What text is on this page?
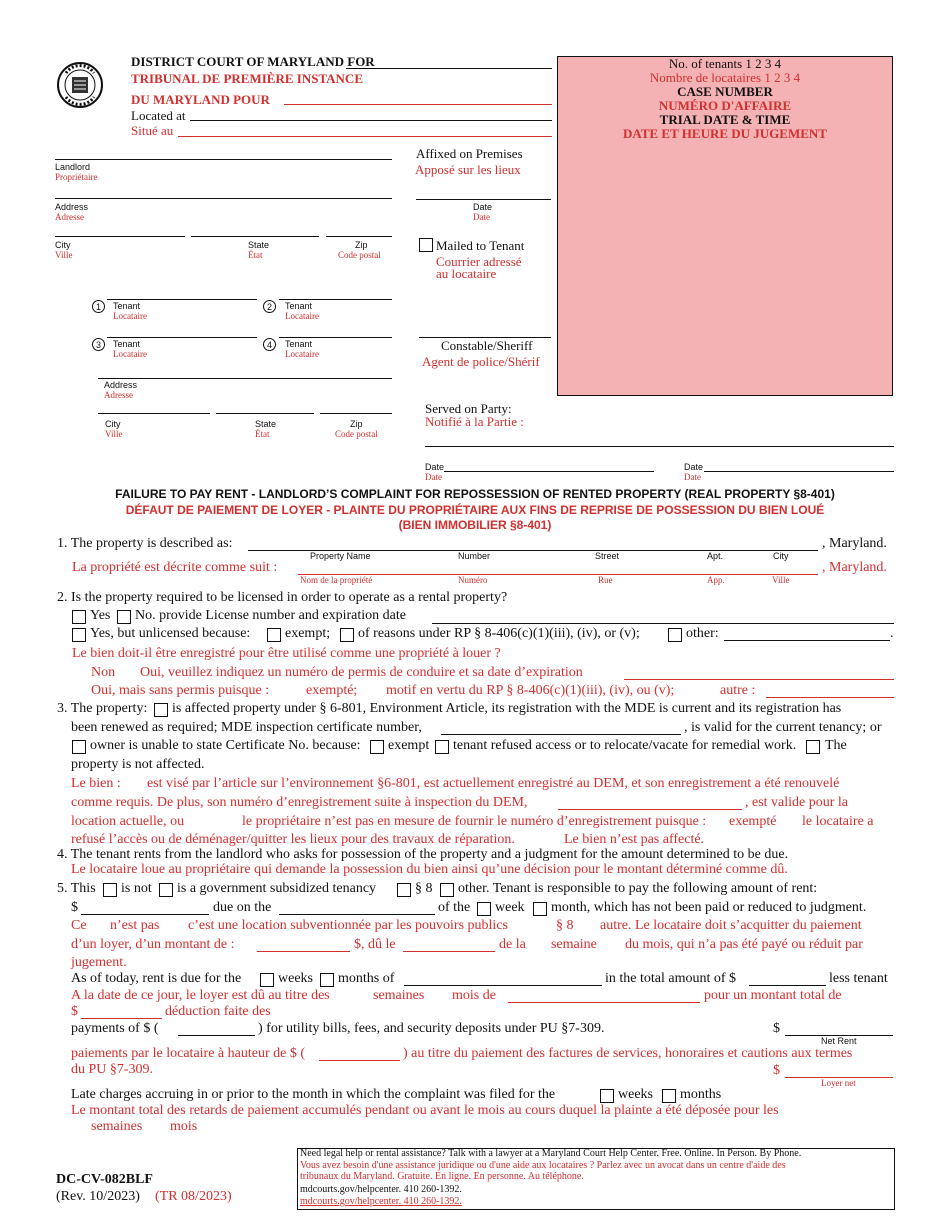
DISTRICT COURT OF MARYLAND FOR
TRIBUNAL DE PREMIÈRE INSTANCE
DU MARYLAND POUR
Located at
Situé au
No. of tenants 1 2 3 4
Nombre de locataires 1 2 3 4
CASE NUMBER
NUMÉRO D'AFFAIRE
TRIAL DATE & TIME
DATE ET HEURE DU JUGEMENT
Landlord
Propriétaire
Address
Adresse
City
Ville
State
État
Zip
Code postal
1	Tenant
Locataire
2	Tenant
Locataire
3	Tenant
Locataire
4	Tenant
Locataire
Address
Adresse
City
Ville
State
État
Zip
Code postal
Affixed on Premises
Apposé sur les lieux
Date
Date
Mailed to Tenant
Courrier adressé
au locataire
Constable/Sheriff
Agent de police/Shérif
Served on Party:
Notifié à la Partie :
Date
Date
Date
Date
FAILURE TO PAY RENT - LANDLORD’S COMPLAINT FOR REPOSSESSION OF RENTED PROPERTY (REAL PROPERTY §8-401)
DÉFAUT DE PAIEMENT DE LOYER - PLAINTE DU PROPRIÉTAIRE AUX FINS DE REPRISE DE POSSESSION DU BIEN LOUÉ
(BIEN IMMOBILIER §8-401)
1. The property is described as:	, Maryland.
Property Name	Number	Street	Apt.	City
La propriété est décrite comme suit :	, Maryland.
Nom de la propriété	Numéro	Rue	App.	Ville
2. Is the property required to be licensed in order to operate as a rental property?
Yes No. provide License number and expiration date
Yes, but unlicensed because: exempt; of reasons under RP § 8-406(c)(1)(iii), (iv), or (v);	other:	.
Le bien doit-il être enregistré pour être utilisé comme une propriété à louer ?
Non Oui, veuillez indiquez un numéro de permis de conduire et sa date d’expiration
Oui, mais sans permis puisque :	exempté; motif en vertu du RP § 8-406(c)(1)(iii), (iv), ou (v);	autre :
3. The property: is affected property under § 6-801, Environment Article, its registration with the MDE is current and its registration has
been renewed as required; MDE inspection certificate number,	, is valid for the current tenancy; or
owner is unable to state Certificate No. because: exempt tenant refused access or to relocate/vacate for remedial work. The
property is not affected.
Le bien : est visé par l’article sur l’environnement §6-801, est actuellement enregistré au DEM, et son enregistrement a été renouvelé
comme requis. De plus, son numéro d’enregistrement suite à inspection du DEM,	, est valide pour la
location actuelle, ou	le propriétaire n’est pas en mesure de fournir le numéro d’enregistrement puisque : exempté le locataire a
refusé l’accès ou de déménager/quitter les lieux pour des travaux de réparation.	Le bien n’est pas affecté.
4. The tenant rents from the landlord who asks for possession of the property and a judgment for the amount determined to be due.
Le locataire loue au propriétaire qui demande la possession du bien ainsi qu’une décision pour le montant déterminé comme dû.
5. This is not is a government subsidized tenancy	§ 8 other. Tenant is responsible to pay the following amount of rent:
$	due on the	of the week month, which has not been paid or reduced to judgment.
Ce n’est pas c’est une location subventionnée par les pouvoirs publics	§ 8 autre. Le locataire doit s’acquitter du paiement
d’un loyer, d’un montant de :	$, dû le	de la semaine du mois, qui n’a pas été payé ou réduit par
jugement.
As of today, rent is due for the	weeks months of	in the total amount of $	less tenant
A la date de ce jour, le loyer est dû au titre des	semaines mois de	pour un montant total de
$	déduction faite des
payments of $ (	) for utility bills, fees, and security deposits under PU §7-309.	$
Net Rent
paiements par le locataire à hauteur de $ (	) au titre du paiement des factures de services, honoraires et cautions aux termes
du PU §7-309.	$
Loyer net
Late charges accruing in or prior to the month in which the complaint was filed for the	weeks months
Le montant total des retards de paiement accumulés pendant ou avant le mois au cours duquel la plainte a été déposée pour les
semaines mois
DC-CV-082BLF
(Rev. 10/2023) (TR 08/2023)
Need legal help or rental assistance? Talk with a lawyer at a Maryland Court Help Center. Free. Online. In Person. By Phone.
Vous avez besoin d'une assistance juridique ou d'une aide aux locataires ? Parlez avec un avocat dans un centre d'aide des
tribunaux du Maryland. Gratuite. En ligne. En personne. Au téléphone.
mdcourts.gov/helpcenter. 410 260-1392.
mdcourts.gov/helpcenter. 410 260-1392.
